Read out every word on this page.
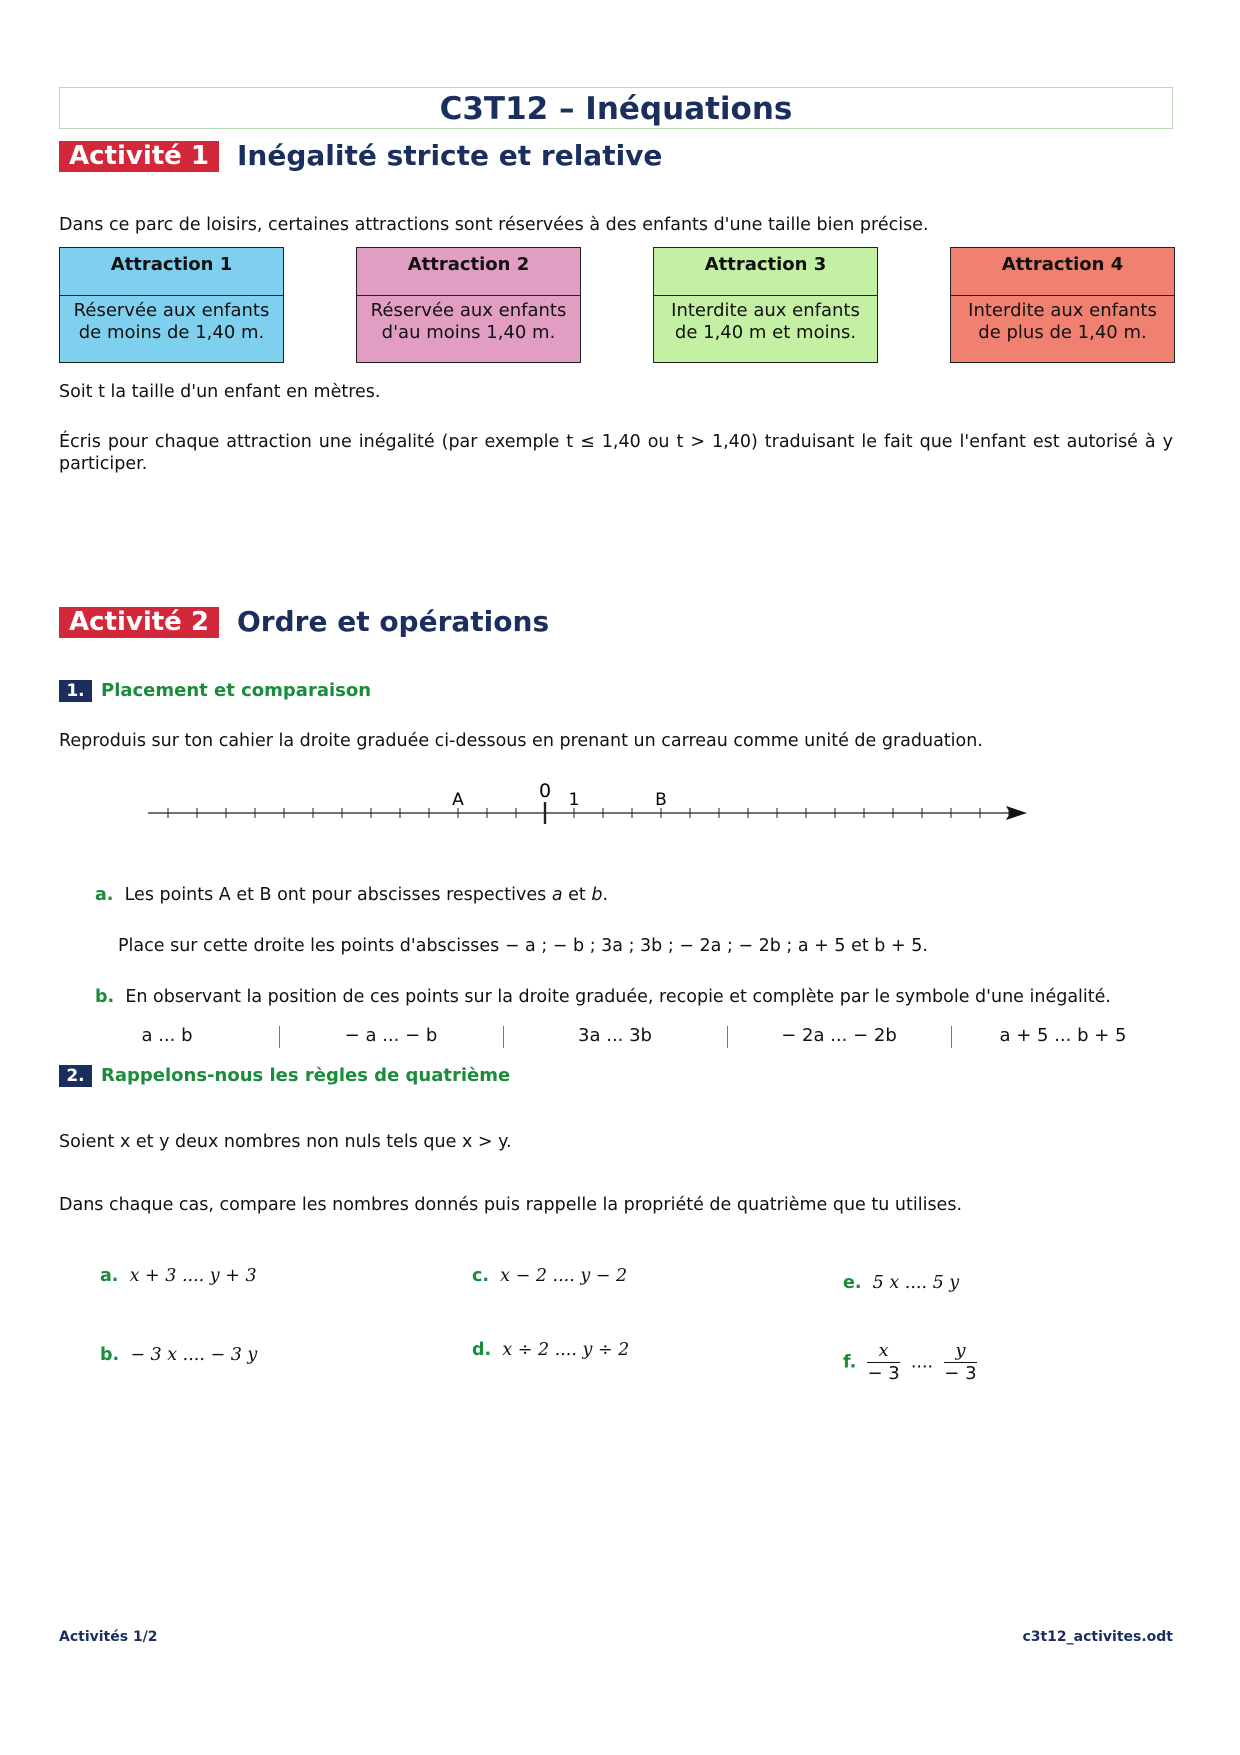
C3T12 – Inéquations
Activité 1	Inégalité stricte et relative
Dans ce parc de loisirs, certaines attractions sont réservées à des enfants d'une taille bien précise.
Attraction 1
Réservée aux enfants
de moins de 1,40 m.
Attraction 2
Réservée aux enfants
d'au moins 1,40 m.
Attraction 3
Interdite aux enfants
de 1,40 m et moins.
Attraction 4
Interdite aux enfants
de plus de 1,40 m.
Soit t la taille d'un enfant en mètres.
Écris pour chaque attraction une inégalité (par exemple t ≤ 1,40 ou t > 1,40) traduisant le fait que l'enfant est autorisé à y participer.
Activité 2	Ordre et opérations
1. Placement et comparaison
Reproduis sur ton cahier la droite graduée ci-dessous en prenant un carreau comme unité de graduation.
0 1
A	B
a. Les points A et B ont pour abscisses respectives a et b.
Place sur cette droite les points d'abscisses − a ; − b ; 3a ; 3b ; − 2a ; − 2b ; a + 5 et b + 5.
b. En observant la position de ces points sur la droite graduée, recopie et complète par le symbole d'une inégalité.
a ... b	− a ... − b	3a ... 3b	− 2a ... − 2b	a + 5 ... b + 5
2. Rappelons-nous les règles de quatrième
Soient x et y deux nombres non nuls tels que x > y.
Dans chaque cas, compare les nombres donnés puis rappelle la propriété de quatrième que tu utilises.
a. x + 3 .... y + 3
b. − 3 x .... − 3 y
c. x − 2 .... y − 2
d. x ÷ 2 .... y ÷ 2
e. 5 x .... 5 y
f. $\frac{x}{- 3}$ .... $\frac{y}{- 3}$
Activités 1/2	c3t12_activites.odt
